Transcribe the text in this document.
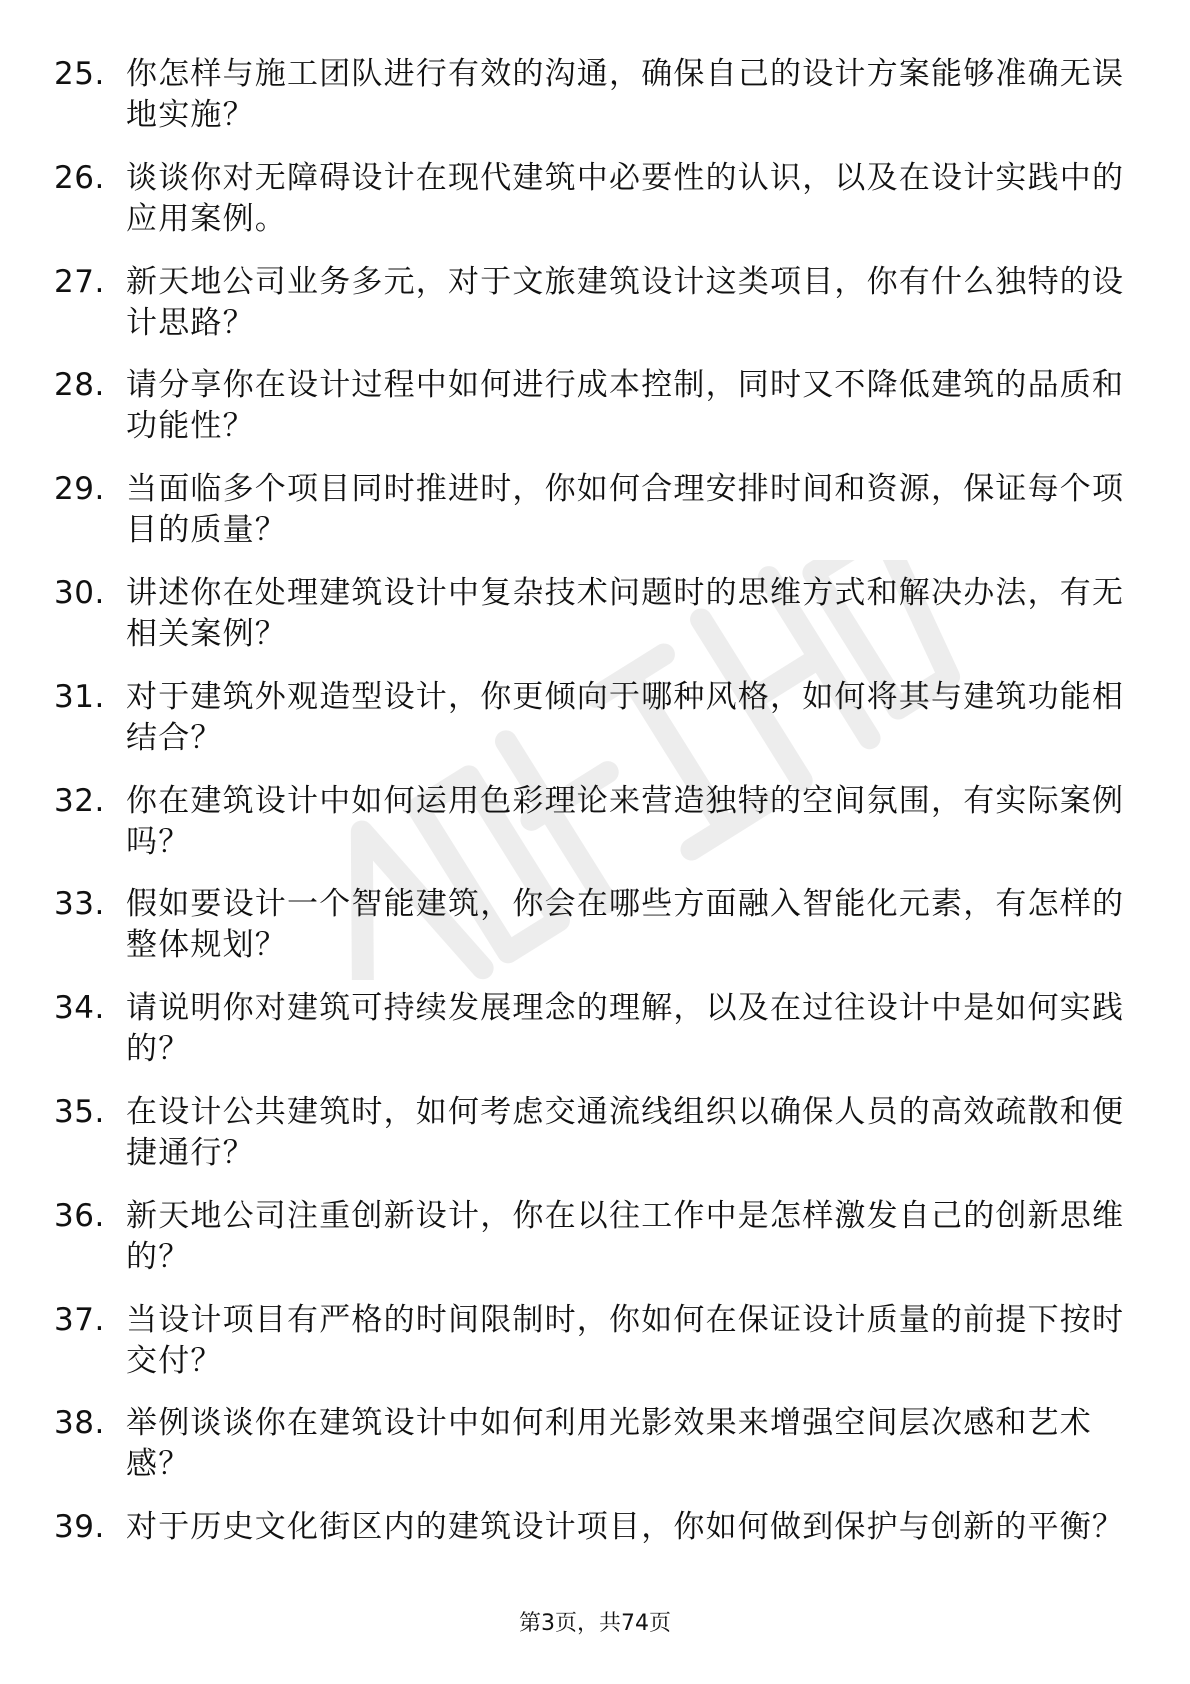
25. 你怎样与施工团队进行有效的沟通，确保自己的设计方案能够准确无误地实施？
26. 谈谈你对无障碍设计在现代建筑中必要性的认识，以及在设计实践中的应用案例。
27. 新天地公司业务多元，对于文旅建筑设计这类项目，你有什么独特的设计思路？
28. 请分享你在设计过程中如何进行成本控制，同时又不降低建筑的品质和功能性？
29. 当面临多个项目同时推进时，你如何合理安排时间和资源，保证每个项目的质量？
30. 讲述你在处理建筑设计中复杂技术问题时的思维方式和解决办法，有无相关案例？
31. 对于建筑外观造型设计，你更倾向于哪种风格，如何将其与建筑功能相结合？
32. 你在建筑设计中如何运用色彩理论来营造独特的空间氛围，有实际案例吗？
33. 假如要设计一个智能建筑，你会在哪些方面融入智能化元素，有怎样的整体规划？
34. 请说明你对建筑可持续发展理念的理解，以及在过往设计中是如何实践的？
35. 在设计公共建筑时，如何考虑交通流线组织以确保人员的高效疏散和便捷通行？
36. 新天地公司注重创新设计，你在以往工作中是怎样激发自己的创新思维的？
37. 当设计项目有严格的时间限制时，你如何在保证设计质量的前提下按时交付？
38. 举例谈谈你在建筑设计中如何利用光影效果来增强空间层次感和艺术感？
39. 对于历史文化街区内的建筑设计项目，你如何做到保护与创新的平衡？
第3页，共74页
